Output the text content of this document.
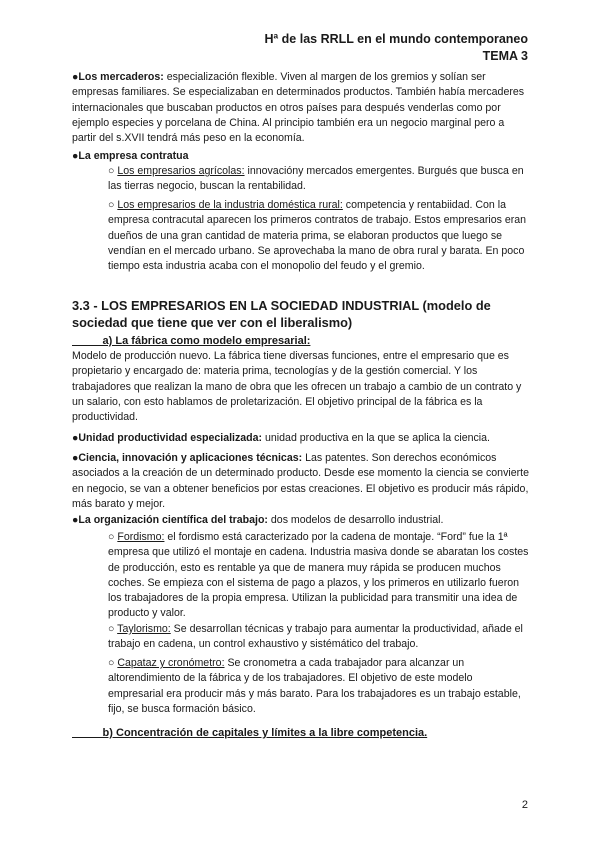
Hª de las RRLL en el mundo contemporaneo
TEMA 3
●Los mercaderos: especialización flexible. Viven al margen de los gremios y solían ser empresas familiares. Se especializaban en determinados productos. También había mercaderes internacionales que buscaban productos en otros países para después venderlas como por ejemplo especies y porcelana de China. Al principio también era un negocio marginal pero a partir del s.XVII tendrá más peso en la economía.
●La empresa contratua
○ Los empresarios agrícolas: innovacióny mercados emergentes. Burgués que busca en las tierras negocio, buscan la rentabilidad.
○ Los empresarios de la industria doméstica rural: competencia y rentabiidad. Con la empresa contracutal aparecen los primeros contratos de trabajo. Estos empresarios eran dueños de una gran cantidad de materia prima, se elaboran productos que luego se vendían en el mercado urbano. Se aprovechaba la mano de obra rural y barata. En poco tiempo esta industria acaba con el monopolio del feudo y el gremio.
3.3 - LOS EMPRESARIOS EN LA SOCIEDAD INDUSTRIAL (modelo de sociedad que tiene que ver con el liberalismo)
a) La fábrica como modelo empresarial:
Modelo de producción nuevo. La fábrica tiene diversas funciones, entre el empresario que es propietario y encargado de: materia prima, tecnologías y de la gestión comercial. Y los trabajadores que realizan la mano de obra que les ofrecen un trabajo a cambio de un contrato y un salario, con esto hablamos de proletarización. El objetivo principal de la fábrica es la productividad.
●Unidad productividad especializada: unidad productiva en la que se aplica la ciencia.
●Ciencia, innovación y aplicaciones técnicas: Las patentes. Son derechos económicos asociados a la creación de un determinado producto. Desde ese momento la ciencia se convierte en negocio, se van a obtener beneficios por estas creaciones. El objetivo es producir más rápido, más barato y mejor.
●La organización científica del trabajo: dos modelos de desarrollo industrial.
○ Fordismo: el fordismo está caracterizado por la cadena de montaje. “Ford” fue la 1ª empresa que utilizó el montaje en cadena. Industria masiva donde se abaratan los costes de producción, esto es rentable ya que de manera muy rápida se producen muchos coches. Se empieza con el sistema de pago a plazos, y los primeros en utilizarlo fueron los trabajadores de la propia empresa. Utilizan la publicidad para transmitir una idea de producto y valor.
○ Taylorismo: Se desarrollan técnicas y trabajo para aumentar la productividad, añade el trabajo en cadena, un control exhaustivo y sistémático del trabajo.
○ Capataz y cronómetro: Se cronometra a cada trabajador para alcanzar un altorendimiento de la fábrica y de los trabajadores. El objetivo de este modelo empresarial era producir más y más barato. Para los trabajadores es un trabajo estable, fijo, se busca formación básico.
b) Concentración de capitales y límites a la libre competencia.
2
